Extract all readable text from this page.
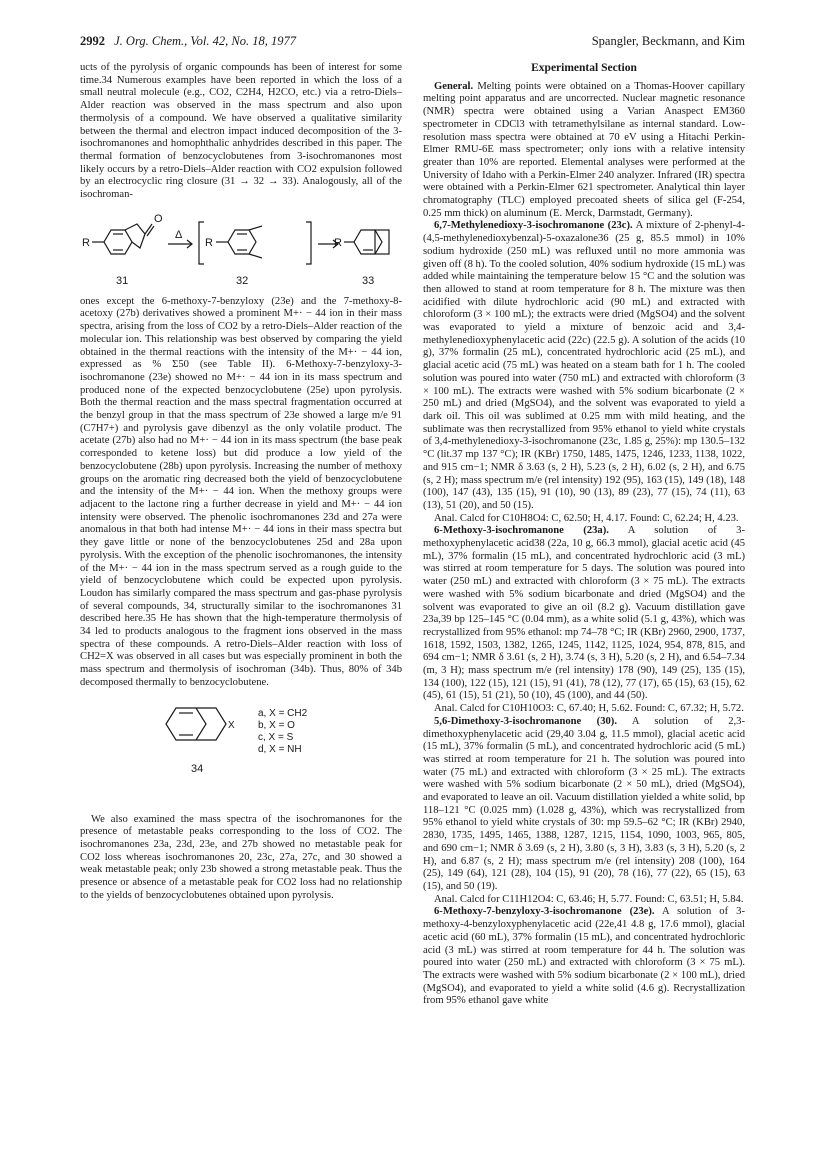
2992 J. Org. Chem., Vol. 42, No. 18, 1977	Spangler, Beckmann, and Kim

ucts of the pyrolysis of organic compounds has been of interest for some time.34 Numerous examples have been reported in which the loss of a small neutral molecule (e.g., CO2, C2H4, H2CO, etc.) via a retro-Diels–Alder reaction was observed in the mass spectrum and also upon thermolysis of a compound. We have observed a qualitative similarity between the thermal and electron impact induced decomposition of the 3-isochromanones and homophthalic anhydrides described in this paper. The thermal formation of benzocyclobutenes from 3-isochromanones most likely occurs by a retro-Diels–Alder reaction with CO2 expulsion followed by an electrocyclic ring closure (31 → 32 → 33). Analogously, all of the isochroman-

R
O
Δ
R	R
31	32	33

ones except the 6-methoxy-7-benzyloxy (23e) and the 7-methoxy-8-acetoxy (27b) derivatives showed a prominent M+· − 44 ion in their mass spectra, arising from the loss of CO2 by a retro-Diels–Alder reaction of the molecular ion. This relationship was best observed by comparing the yield obtained in the thermal reactions with the intensity of the M+· − 44 ion, expressed as % Σ50 (see Table II). 6-Methoxy-7-benzyloxy-3-isochromanone (23e) showed no M+· − 44 ion in its mass spectrum and produced none of the expected benzocyclobutene (25e) upon pyrolysis. Both the thermal reaction and the mass spectral fragmentation occurred at the benzyl group in that the mass spectrum of 23e showed a large m/e 91 (C7H7+) and pyrolysis gave dibenzyl as the only volatile product. The acetate (27b) also had no M+· − 44 ion in its mass spectrum (the base peak corresponded to ketene loss) but did produce a low yield of the benzocyclobutene (28b) upon pyrolysis. Increasing the number of methoxy groups on the aromatic ring decreased both the yield of benzocyclobutene and the intensity of the M+· − 44 ion. When the methoxy groups were adjacent to the lactone ring a further decrease in yield and M+· − 44 ion intensity were observed. The phenolic isochromanones 23d and 27a were anomalous in that both had intense M+· − 44 ions in their mass spectra but they gave little or none of the benzocyclobutenes 25d and 28a upon pyrolysis. With the exception of the phenolic isochromanones, the intensity of the M+· − 44 ion in the mass spectrum served as a rough guide to the yield of benzocyclobutene which could be expected upon pyrolysis. Loudon has similarly compared the mass spectrum and gas-phase pyrolysis of several compounds, 34, structurally similar to the isochromanones 31 described here.35 He has shown that the high-temperature thermolysis of 34 led to products analogous to the fragment ions observed in the mass spectra of these compounds. A retro-Diels–Alder reaction with loss of CH2=X was observed in all cases but was especially prominent in both the mass spectrum and thermolysis of isochroman (34b). Thus, 80% of 34b decomposed thermally to benzocyclobutene.

34
X
a, X = CH2
b, X = O
c, X = S
d, X = NH

We also examined the mass spectra of the isochromanones for the presence of metastable peaks corresponding to the loss of CO2. The isochromanones 23a, 23d, 23e, and 27b showed no metastable peak for CO2 loss whereas isochromanones 20, 23c, 27a, 27c, and 30 showed a weak metastable peak; only 23b showed a strong metastable peak. Thus the presence or absence of a metastable peak for CO2 loss had no relationship to the yields of benzocyclobutenes obtained upon pyrolysis.

Experimental Section

General. Melting points were obtained on a Thomas-Hoover capillary melting point apparatus and are uncorrected. Nuclear magnetic resonance (NMR) spectra were obtained using a Varian Anaspect EM360 spectrometer in CDCl3 with tetramethylsilane as internal standard. Low-resolution mass spectra were obtained at 70 eV using a Hitachi Perkin-Elmer RMU-6E mass spectrometer; only ions with a relative intensity greater than 10% are reported. Elemental analyses were performed at the University of Idaho with a Perkin-Elmer 240 analyzer. Infrared (IR) spectra were obtained with a Perkin-Elmer 621 spectrometer. Analytical thin layer chromatography (TLC) employed precoated sheets of silica gel (F-254, 0.25 mm thick) on aluminum (E. Merck, Darmstadt, Germany).

6,7-Methylenedioxy-3-isochromanone (23c). A mixture of 2-phenyl-4-(4,5-methylenedioxybenzal)-5-oxazalone36 (25 g, 85.5 mmol) in 10% sodium hydroxide (250 mL) was refluxed until no more ammonia was given off (8 h). To the cooled solution, 40% sodium hydroxide (15 mL) was added while maintaining the temperature below 15 °C and the solution was then allowed to stand at room temperature for 8 h. The mixture was then acidified with dilute hydrochloric acid (90 mL) and extracted with chloroform (3 × 100 mL); the extracts were dried (MgSO4) and the solvent was evaporated to yield a mixture of benzoic acid and 3,4-methylenedioxyphenylacetic acid (22c) (22.5 g). A solution of the acids (10 g), 37% formalin (25 mL), concentrated hydrochloric acid (25 mL), and glacial acetic acid (75 mL) was heated on a steam bath for 1 h. The cooled solution was poured into water (750 mL) and extracted with chloroform (3 × 100 mL). The extracts were washed with 5% sodium bicarbonate (2 × 250 mL) and dried (MgSO4), and the solvent was evaporated to yield a dark oil. This oil was sublimed at 0.25 mm with mild heating, and the sublimate was then recrystallized from 95% ethanol to yield white crystals of 3,4-methylenedioxy-3-isochromanone (23c, 1.85 g, 25%): mp 130.5–132 °C (lit.37 mp 137 °C); IR (KBr) 1750, 1485, 1475, 1246, 1233, 1138, 1022, and 915 cm−1; NMR δ 3.63 (s, 2 H), 5.23 (s, 2 H), 6.02 (s, 2 H), and 6.75 (s, 2 H); mass spectrum m/e (rel intensity) 192 (95), 163 (15), 149 (18), 148 (100), 147 (43), 135 (15), 91 (10), 90 (13), 89 (23), 77 (15), 74 (11), 63 (13), 51 (20), and 50 (15).

Anal. Calcd for C10H8O4: C, 62.50; H, 4.17. Found: C, 62.24; H, 4.23.

6-Methoxy-3-isochromanone (23a). A solution of 3-methoxyphenylacetic acid38 (22a, 10 g, 66.3 mmol), glacial acetic acid (45 mL), 37% formalin (15 mL), and concentrated hydrochloric acid (3 mL) was stirred at room temperature for 5 days. The solution was poured into water (250 mL) and extracted with chloroform (3 × 75 mL). The extracts were washed with 5% sodium bicarbonate and dried (MgSO4) and the solvent was evaporated to give an oil (8.2 g). Vacuum distillation gave 23a,39 bp 125–145 °C (0.04 mm), as a white solid (5.1 g, 43%), which was recrystallized from 95% ethanol: mp 74–78 °C; IR (KBr) 2960, 2900, 1737, 1618, 1592, 1503, 1382, 1265, 1245, 1142, 1125, 1024, 954, 878, 815, and 694 cm−1; NMR δ 3.61 (s, 2 H), 3.74 (s, 3 H), 5.20 (s, 2 H), and 6.54–7.34 (m, 3 H); mass spectrum m/e (rel intensity) 178 (90), 149 (25), 135 (15), 134 (100), 122 (15), 121 (15), 91 (41), 78 (12), 77 (17), 65 (15), 63 (15), 62 (45), 61 (15), 51 (21), 50 (10), 45 (100), and 44 (50).

Anal. Calcd for C10H10O3: C, 67.40; H, 5.62. Found: C, 67.32; H, 5.72.

5,6-Dimethoxy-3-isochromanone (30). A solution of 2,3-dimethoxyphenylacetic acid (29,40 3.04 g, 11.5 mmol), glacial acetic acid (15 mL), 37% formalin (5 mL), and concentrated hydrochloric acid (5 mL) was stirred at room temperature for 21 h. The solution was poured into water (75 mL) and extracted with chloroform (3 × 25 mL). The extracts were washed with 5% sodium bicarbonate (2 × 50 mL), dried (MgSO4), and evaporated to leave an oil. Vacuum distillation yielded a white solid, bp 118–121 °C (0.025 mm) (1.028 g, 43%), which was recrystallized from 95% ethanol to yield white crystals of 30: mp 59.5–62 °C; IR (KBr) 2940, 2830, 1735, 1495, 1465, 1388, 1287, 1215, 1154, 1090, 1003, 965, 805, and 690 cm−1; NMR δ 3.69 (s, 2 H), 3.80 (s, 3 H), 3.83 (s, 3 H), 5.20 (s, 2 H), and 6.87 (s, 2 H); mass spectrum m/e (rel intensity) 208 (100), 164 (25), 149 (64), 121 (28), 104 (15), 91 (20), 78 (16), 77 (22), 65 (15), 63 (15), and 50 (19).

Anal. Calcd for C11H12O4: C, 63.46; H, 5.77. Found: C, 63.51; H, 5.84.

6-Methoxy-7-benzyloxy-3-isochromanone (23e). A solution of 3-methoxy-4-benzyloxyphenylacetic acid (22e,41 4.8 g, 17.6 mmol), glacial acetic acid (60 mL), 37% formalin (15 mL), and concentrated hydrochloric acid (3 mL) was stirred at room temperature for 44 h. The solution was poured into water (250 mL) and extracted with chloroform (3 × 75 mL). The extracts were washed with 5% sodium bicarbonate (2 × 100 mL), dried (MgSO4), and evaporated to yield a white solid (4.6 g). Recrystallization from 95% ethanol gave white
